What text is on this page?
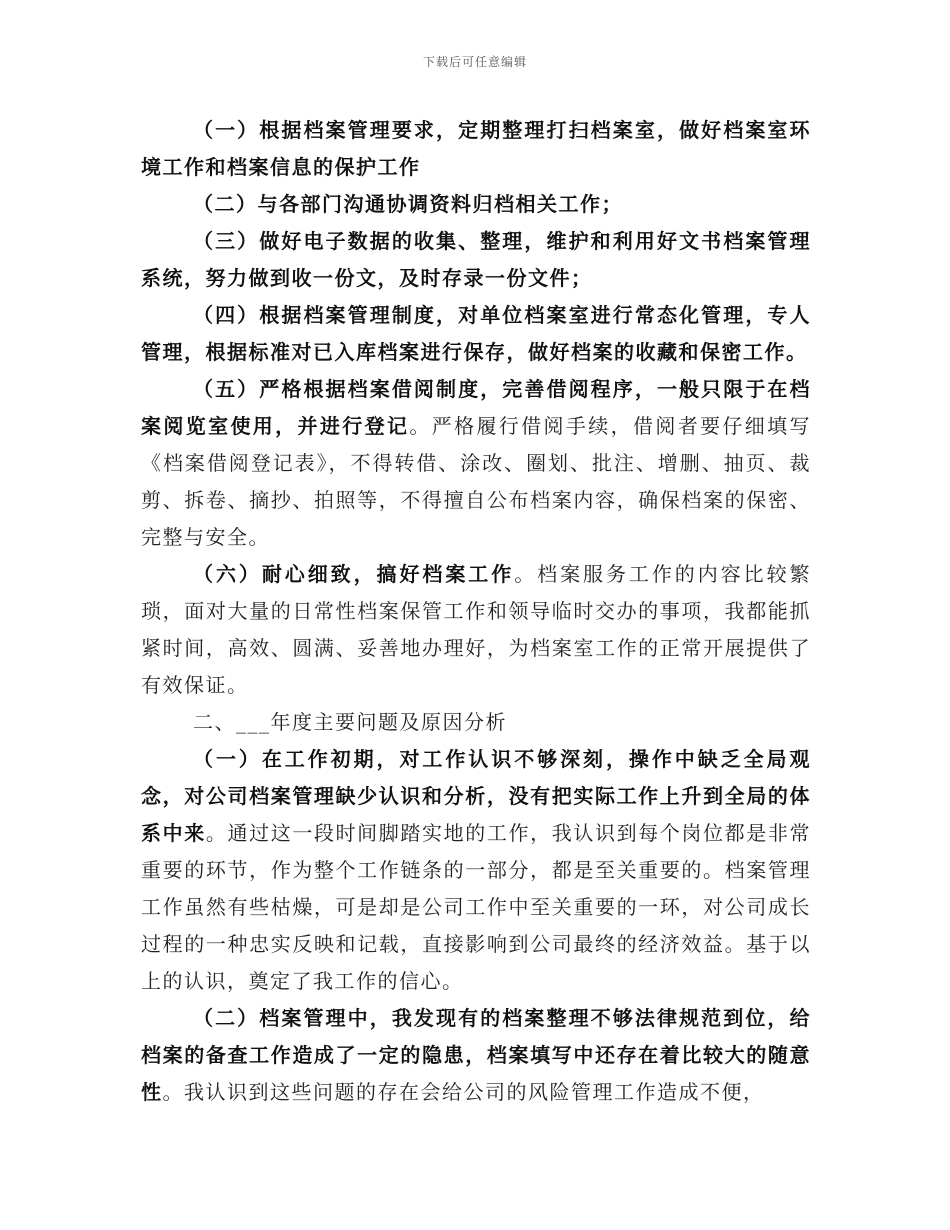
下载后可任意编辑

（一）根据档案管理要求，定期整理打扫档案室，做好档案室环境工作和档案信息的保护工作

（二）与各部门沟通协调资料归档相关工作；

（三）做好电子数据的收集、整理，维护和利用好文书档案管理系统，努力做到收一份文，及时存录一份文件；

（四）根据档案管理制度，对单位档案室进行常态化管理，专人管理，根据标准对已入库档案进行保存，做好档案的收藏和保密工作。

（五）严格根据档案借阅制度，完善借阅程序，一般只限于在档案阅览室使用，并进行登记。严格履行借阅手续，借阅者要仔细填写《档案借阅登记表》，不得转借、涂改、圈划、批注、增删、抽页、裁剪、拆卷、摘抄、拍照等，不得擅自公布档案内容，确保档案的保密、完整与安全。

（六）耐心细致，搞好档案工作。档案服务工作的内容比较繁琐，面对大量的日常性档案保管工作和领导临时交办的事项，我都能抓紧时间，高效、圆满、妥善地办理好，为档案室工作的正常开展提供了有效保证。

二、___年度主要问题及原因分析

（一）在工作初期，对工作认识不够深刻，操作中缺乏全局观念，对公司档案管理缺少认识和分析，没有把实际工作上升到全局的体系中来。通过这一段时间脚踏实地的工作，我认识到每个岗位都是非常重要的环节，作为整个工作链条的一部分，都是至关重要的。档案管理工作虽然有些枯燥，可是却是公司工作中至关重要的一环，对公司成长过程的一种忠实反映和记载，直接影响到公司最终的经济效益。基于以上的认识，奠定了我工作的信心。

（二）档案管理中，我发现有的档案整理不够法律规范到位，给档案的备查工作造成了一定的隐患，档案填写中还存在着比较大的随意性。我认识到这些问题的存在会给公司的风险管理工作造成不便，
